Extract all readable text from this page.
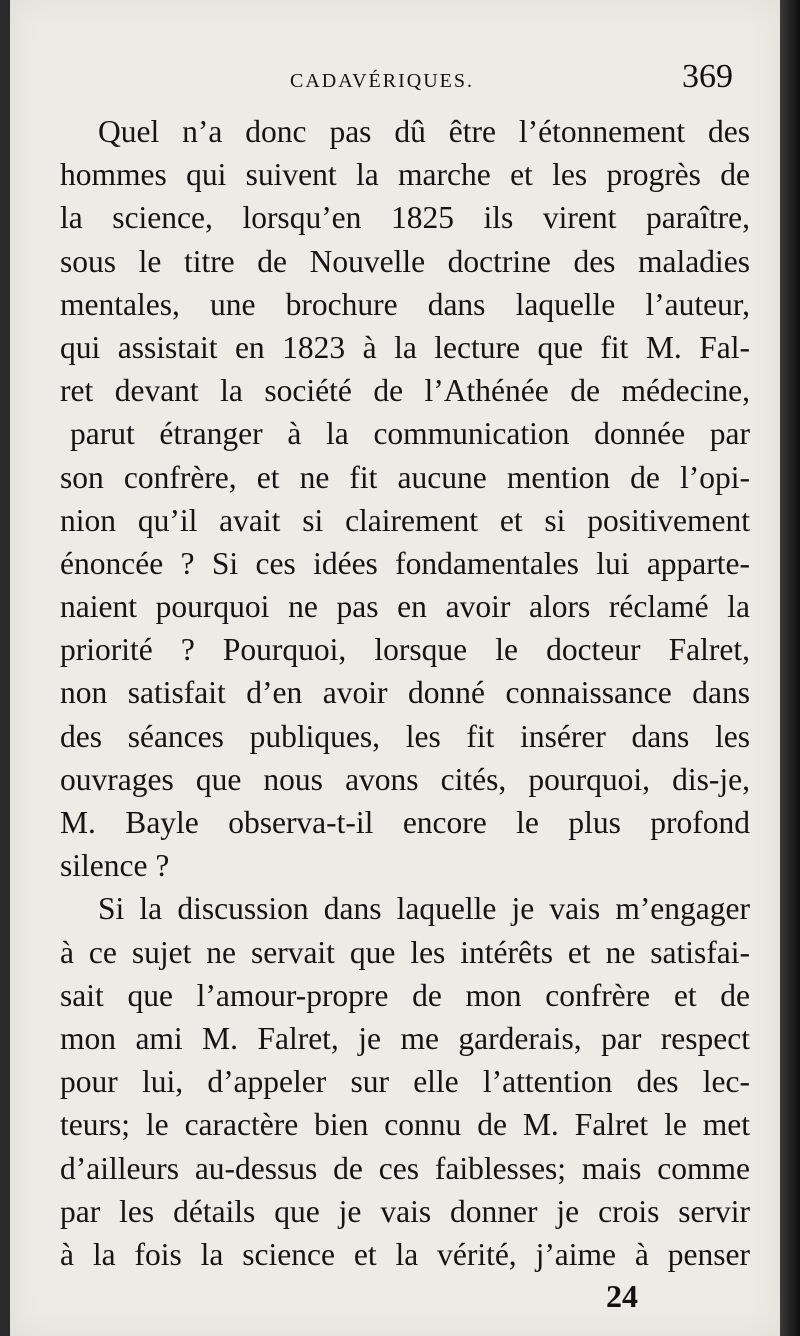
CADAVÉRIQUES.	369
Quel n’a donc pas dû être l’étonnement des
hommes qui suivent la marche et les progrès de
la science, lorsqu’en 1825 ils virent paraître,
sous le titre de Nouvelle doctrine des maladies
mentales, une brochure dans laquelle l’auteur,
qui assistait en 1823 à la lecture que fit M. Fal-
ret devant la société de l’Athénée de médecine,
parut étranger à la communication donnée par
son confrère, et ne fit aucune mention de l’opi-
nion qu’il avait si clairement et si positivement
énoncée ? Si ces idées fondamentales lui apparte-
naient pourquoi ne pas en avoir alors réclamé la
priorité ? Pourquoi, lorsque le docteur Falret,
non satisfait d’en avoir donné connaissance dans
des séances publiques, les fit insérer dans les
ouvrages que nous avons cités, pourquoi, dis-je,
M. Bayle observa-t-il encore le plus profond
silence ?
Si la discussion dans laquelle je vais m’engager
à ce sujet ne servait que les intérêts et ne satisfai-
sait que l’amour-propre de mon confrère et de
mon ami M. Falret, je me garderais, par respect
pour lui, d’appeler sur elle l’attention des lec-
teurs; le caractère bien connu de M. Falret le met
d’ailleurs au-dessus de ces faiblesses; mais comme
par les détails que je vais donner je crois servir
à la fois la science et la vérité, j’aime à penser
24
